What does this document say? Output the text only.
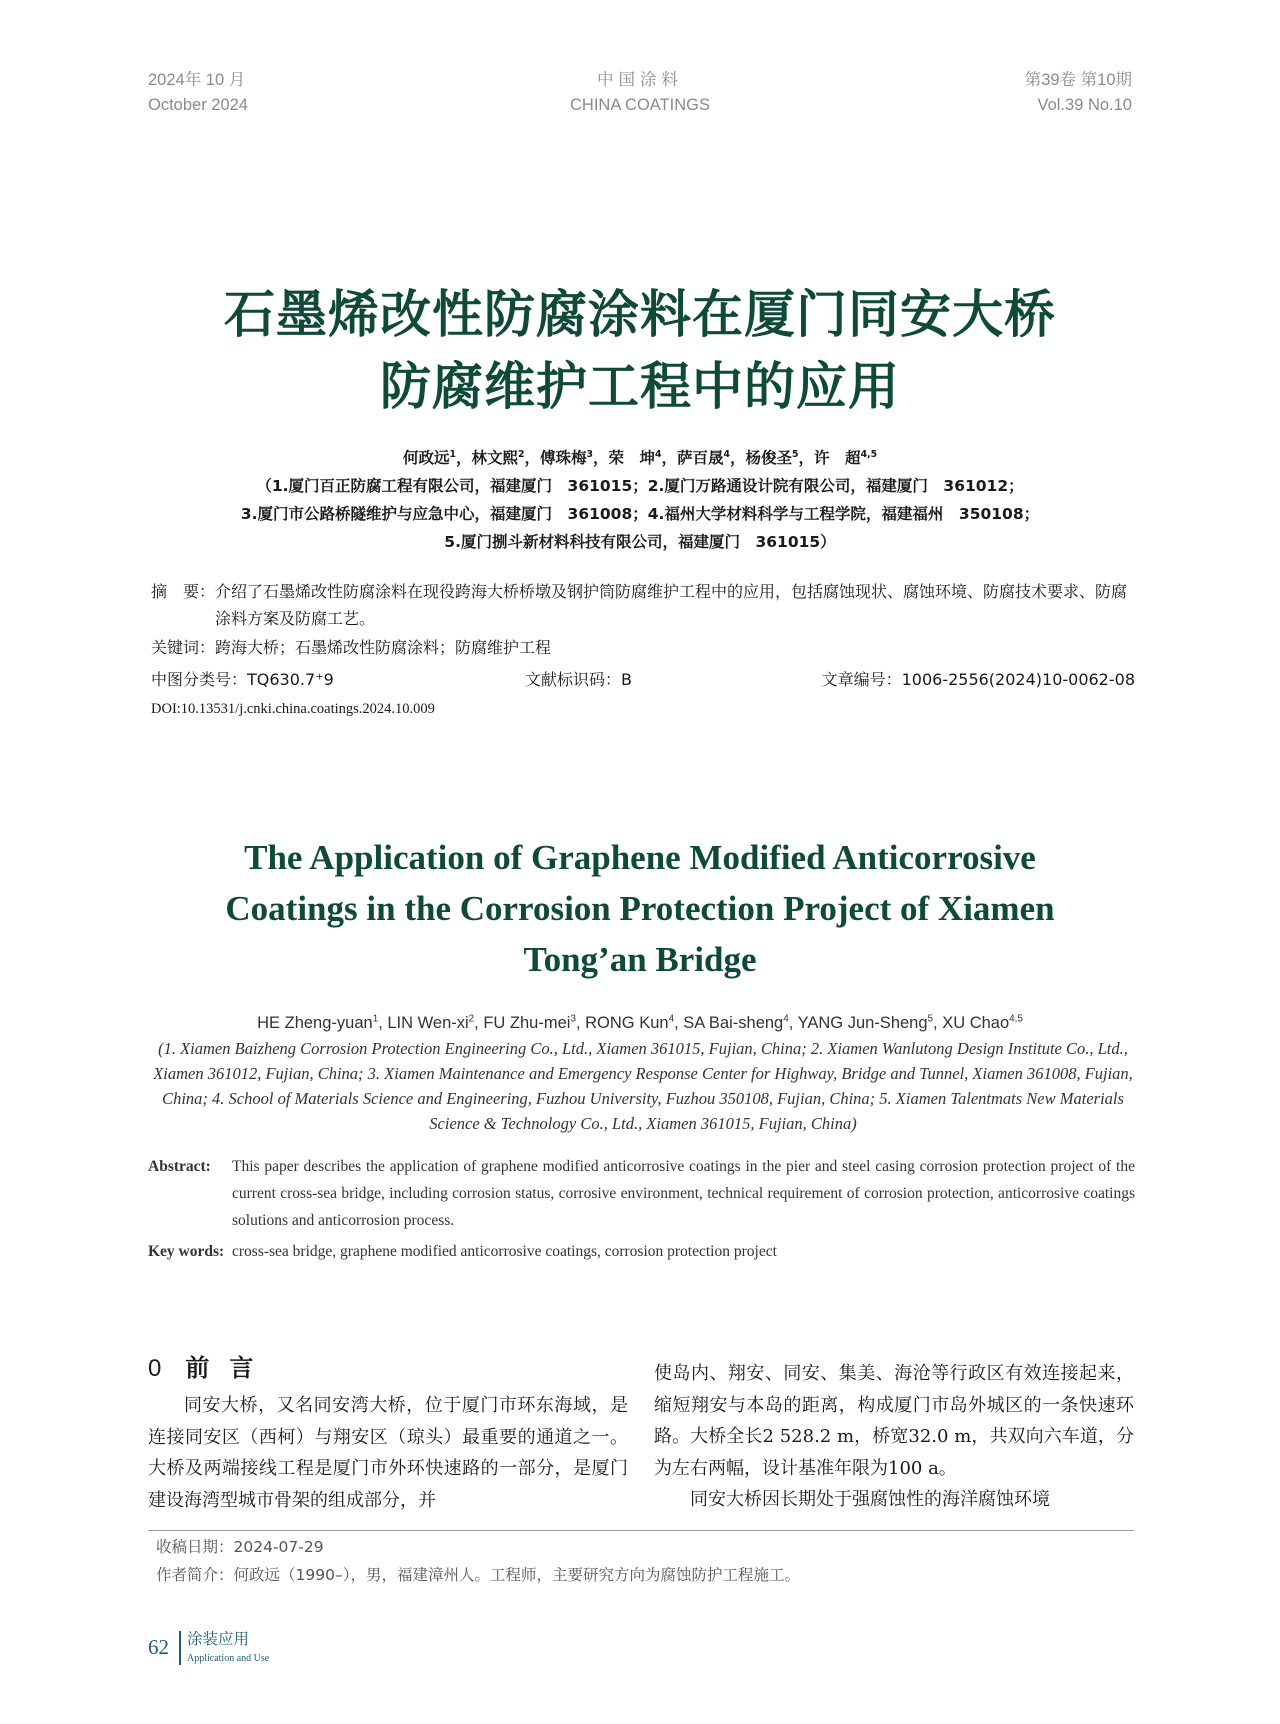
2024年 10 月
October 2024
中国涂料
CHINA COATINGS
第39卷 第10期
Vol.39 No.10
石墨烯改性防腐涂料在厦门同安大桥
防腐维护工程中的应用
何政远$^1$，林文熙$^2$，傅珠梅$^3$，荣　坤$^4$，萨百晟$^4$，杨俊圣$^5$，许　超$^{4,5}$
（1.厦门百正防腐工程有限公司，福建厦门　361015；2.厦门万路通设计院有限公司，福建厦门　361012；
3.厦门市公路桥隧维护与应急中心，福建厦门　361008；4.福州大学材料科学与工程学院，福建福州　350108；
5.厦门捌斗新材料科技有限公司，福建厦门　361015）
摘　要： 介绍了石墨烯改性防腐涂料在现役跨海大桥桥墩及钢护筒防腐维护工程中的应用，包括腐蚀现状、腐蚀环境、防腐技术要求、防腐涂料方案及防腐工艺。
关键词：跨海大桥；石墨烯改性防腐涂料；防腐维护工程
中图分类号：TQ630.7⁺9	文献标识码：B	文章编号：1006-2556(2024)10-0062-08
DOI:10.13531/j.cnki.china.coatings.2024.10.009
The Application of Graphene Modified Anticorrosive
Coatings in the Corrosion Protection Project of Xiamen
Tong’an Bridge
HE Zheng-yuan$^1$, LIN Wen-$xi^2$, FU Zhu-mei$^3$, RONG Kun$^4$, SA Bai-sheng$^4$, YANG Jun-Sheng$^5$, XU Chao$^{4,5}$
(1. Xiamen Baizheng Corrosion Protection Engineering Co., Ltd., Xiamen 361015, Fujian, China; 2. Xiamen Wanlutong Design Institute Co., Ltd., Xiamen 361012, Fujian, China; 3. Xiamen Maintenance and Emergency Response Center for Highway, Bridge and Tunnel, Xiamen 361008, Fujian, China; 4. School of Materials Science and Engineering, Fuzhou University, Fuzhou 350108, Fujian, China; 5. Xiamen Talentmats New Materials Science & Technology Co., Ltd., Xiamen 361015, Fujian, China)
Abstract: This paper describes the application of graphene modified anticorrosive coatings in the pier and steel casing corrosion protection project of the current cross-sea bridge, including corrosion status, corrosive environment, technical requirement of corrosion protection, anticorrosive coatings solutions and anticorrosion process.
Key words: cross-sea bridge, graphene modified anticorrosive coatings, corrosion protection project
0 前言

同安大桥，又名同安湾大桥，位于厦门市环东海域，是连接同安区（西柯）与翔安区（琼头）最重要的通道之一。大桥及两端接线工程是厦门市外环快速路的一部分，是厦门建设海湾型城市骨架的组成部分，并

使岛内、翔安、同安、集美、海沧等行政区有效连接起来，缩短翔安与本岛的距离，构成厦门市岛外城区的一条快速环路。大桥全长2 528.2 m，桥宽32.0 m，共双向六车道，分为左右两幅，设计基准年限为100 a。

同安大桥因长期处于强腐蚀性的海洋腐蚀环境

收稿日期：2024-07-29
作者简介：何政远（1990–），男，福建漳州人。工程师，主要研究方向为腐蚀防护工程施工。
62 涂装应用
Application and Use
